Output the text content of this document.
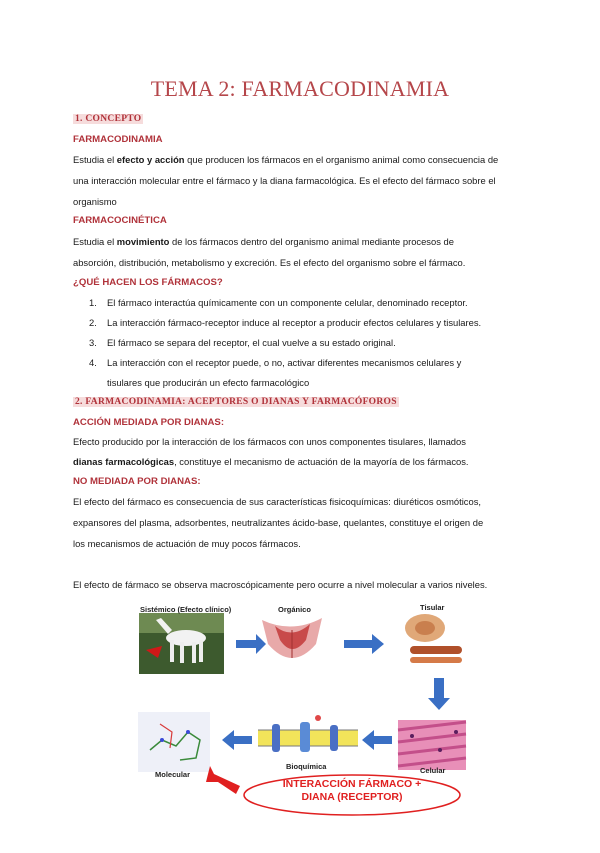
TEMA 2: FARMACODINAMIA
1. CONCEPTO
FARMACODINAMIA
Estudia el efecto y acción que producen los fármacos en el organismo animal como consecuencia de
una interacción molecular entre el fármaco y la diana farmacológica. Es el efecto del fármaco sobre el
organismo
FARMACOCINÉTICA
Estudia el movimiento de los fármacos dentro del organismo animal mediante procesos de
absorción, distribución, metabolismo y excreción. Es el efecto del organismo sobre el fármaco.
¿QUÉ HACEN LOS FÁRMACOS?
1. El fármaco interactúa químicamente con un componente celular, denominado receptor.
2. La interacción fármaco-receptor induce al receptor a producir efectos celulares y tisulares.
3. El fármaco se separa del receptor, el cual vuelve a su estado original.
4. La interacción con el receptor puede, o no, activar diferentes mecanismos celulares y
tisulares que producirán un efecto farmacológico
2. FARMACODINAMIA: ACEPTORES O DIANAS Y FARMACÓFOROS
ACCIÓN MEDIADA POR DIANAS:
Efecto producido por la interacción de los fármacos con unos componentes tisulares, llamados
dianas farmacológicas, constituye el mecanismo de actuación de la mayoría de los fármacos.
NO MEDIADA POR DIANAS:
El efecto del fármaco es consecuencia de sus características fisicoquímicas: diuréticos osmóticos,
expansores del plasma, adsorbentes, neutralizantes ácido-base, quelantes, constituye el origen de
los mecanismos de actuación de muy pocos fármacos.
El efecto de fármaco se observa macroscópicamente pero ocurre a nivel molecular a varios niveles.
Sistémico (Efecto clínico)	Orgánico	Tisular
Celular
Bioquímica
Molecular
INTERACCIÓN FÁRMACO +
DIANA (RECEPTOR)
